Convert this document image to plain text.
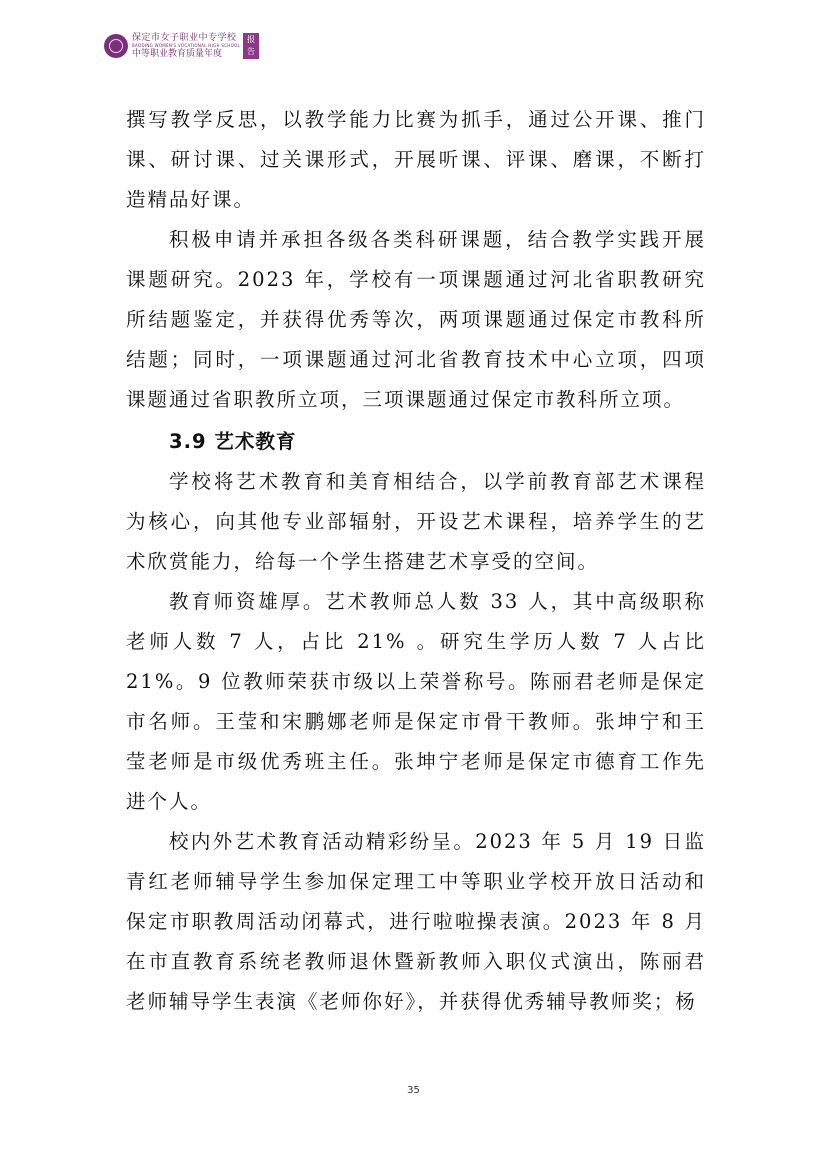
保定市女子职业中专学校
BAODING WOMEN'S VOCATIONAL HIGH SCHOOL
中等职业教育质量年度
报
告

撰写教学反思，以教学能力比赛为抓手，通过公开课、推门课、研讨课、过关课形式，开展听课、评课、磨课，不断打造精品好课。

积极申请并承担各级各类科研课题，结合教学实践开展课题研究。2023 年，学校有一项课题通过河北省职教研究所结题鉴定，并获得优秀等次，两项课题通过保定市教科所结题；同时，一项课题通过河北省教育技术中心立项，四项课题通过省职教所立项，三项课题通过保定市教科所立项。

3.9 艺术教育

学校将艺术教育和美育相结合，以学前教育部艺术课程为核心，向其他专业部辐射，开设艺术课程，培养学生的艺术欣赏能力，给每一个学生搭建艺术享受的空间。

教育师资雄厚。艺术教师总人数 33 人，其中高级职称老师人数 7 人，占比 21% 。研究生学历人数 7 人占比 21%。9 位教师荣获市级以上荣誉称号。陈丽君老师是保定市名师。王莹和宋鹏娜老师是保定市骨干教师。张坤宁和王莹老师是市级优秀班主任。张坤宁老师是保定市德育工作先进个人。

校内外艺术教育活动精彩纷呈。2023 年 5 月 19 日监青红老师辅导学生参加保定理工中等职业学校开放日活动和保定市职教周活动闭幕式，进行啦啦操表演。2023 年 8 月在市直教育系统老教师退休暨新教师入职仪式演出，陈丽君老师辅导学生表演《老师你好》，并获得优秀辅导教师奖；杨

35
